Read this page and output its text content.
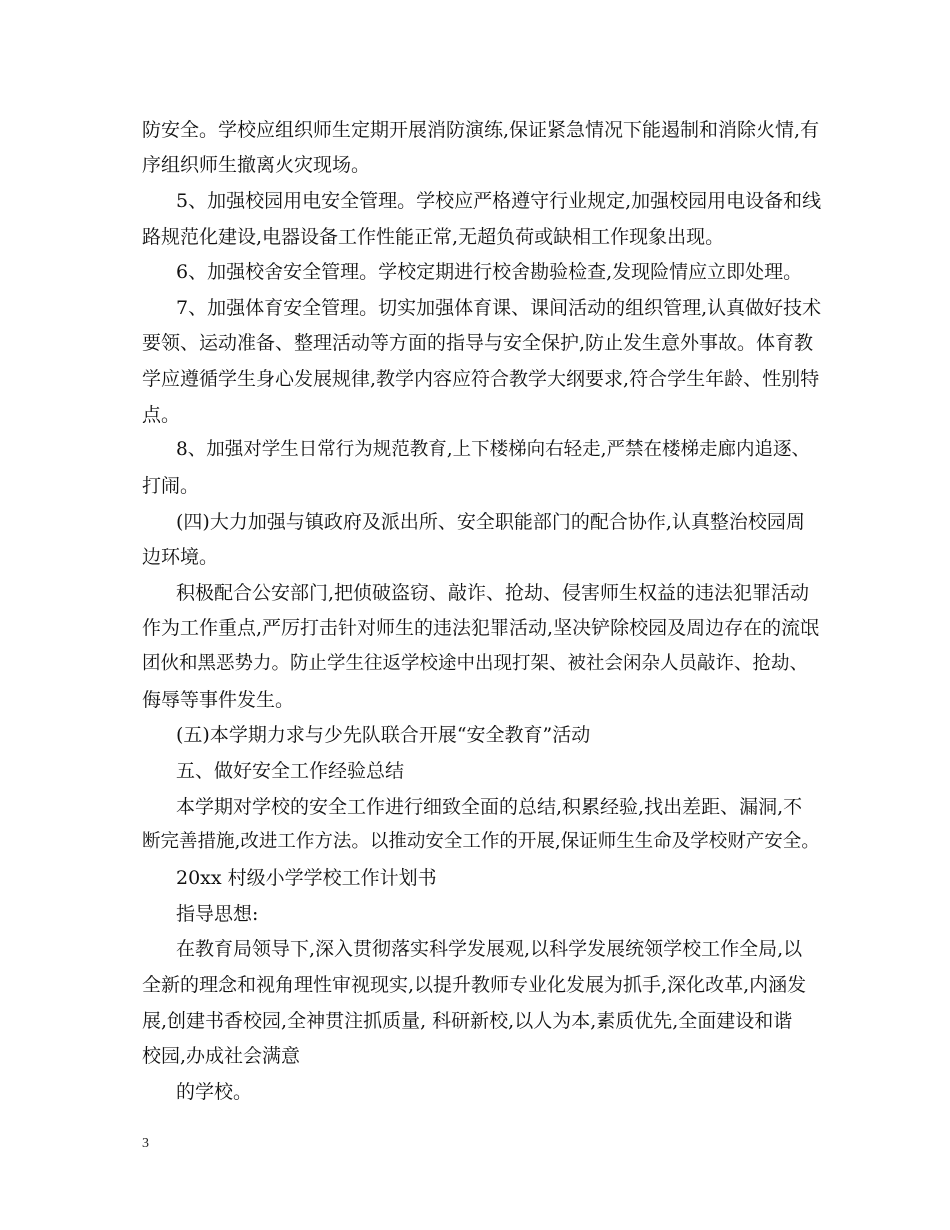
防安全。学校应组织师生定期开展消防演练,保证紧急情况下能遏制和消除火情,有
序组织师生撤离火灾现场。
5、加强校园用电安全管理。学校应严格遵守行业规定,加强校园用电设备和线
路规范化建设,电器设备工作性能正常,无超负荷或缺相工作现象出现。
6、加强校舍安全管理。学校定期进行校舍勘验检查,发现险情应立即处理。
7、加强体育安全管理。切实加强体育课、课间活动的组织管理,认真做好技术
要领、运动准备、整理活动等方面的指导与安全保护,防止发生意外事故。体育教
学应遵循学生身心发展规律,教学内容应符合教学大纲要求,符合学生年龄、性别特
点。
8、加强对学生日常行为规范教育,上下楼梯向右轻走,严禁在楼梯走廊内追逐、
打闹。
(四)大力加强与镇政府及派出所、安全职能部门的配合协作,认真整治校园周
边环境。
积极配合公安部门,把侦破盗窃、敲诈、抢劫、侵害师生权益的违法犯罪活动
作为工作重点,严厉打击针对师生的违法犯罪活动,坚决铲除校园及周边存在的流氓
团伙和黑恶势力。防止学生往返学校途中出现打架、被社会闲杂人员敲诈、抢劫、
侮辱等事件发生。
(五)本学期力求与少先队联合开展“安全教育”活动
五、做好安全工作经验总结
本学期对学校的安全工作进行细致全面的总结,积累经验,找出差距、漏洞,不
断完善措施,改进工作方法。以推动安全工作的开展,保证师生生命及学校财产安全。
20xx 村级小学学校工作计划书
指导思想:
在教育局领导下,深入贯彻落实科学发展观,以科学发展统领学校工作全局,以
全新的理念和视角理性审视现实,以提升教师专业化发展为抓手,深化改革,内涵发
展,创建书香校园,全神贯注抓质量, 科研新校,以人为本,素质优先,全面建设和谐
校园,办成社会满意
的学校。
3
